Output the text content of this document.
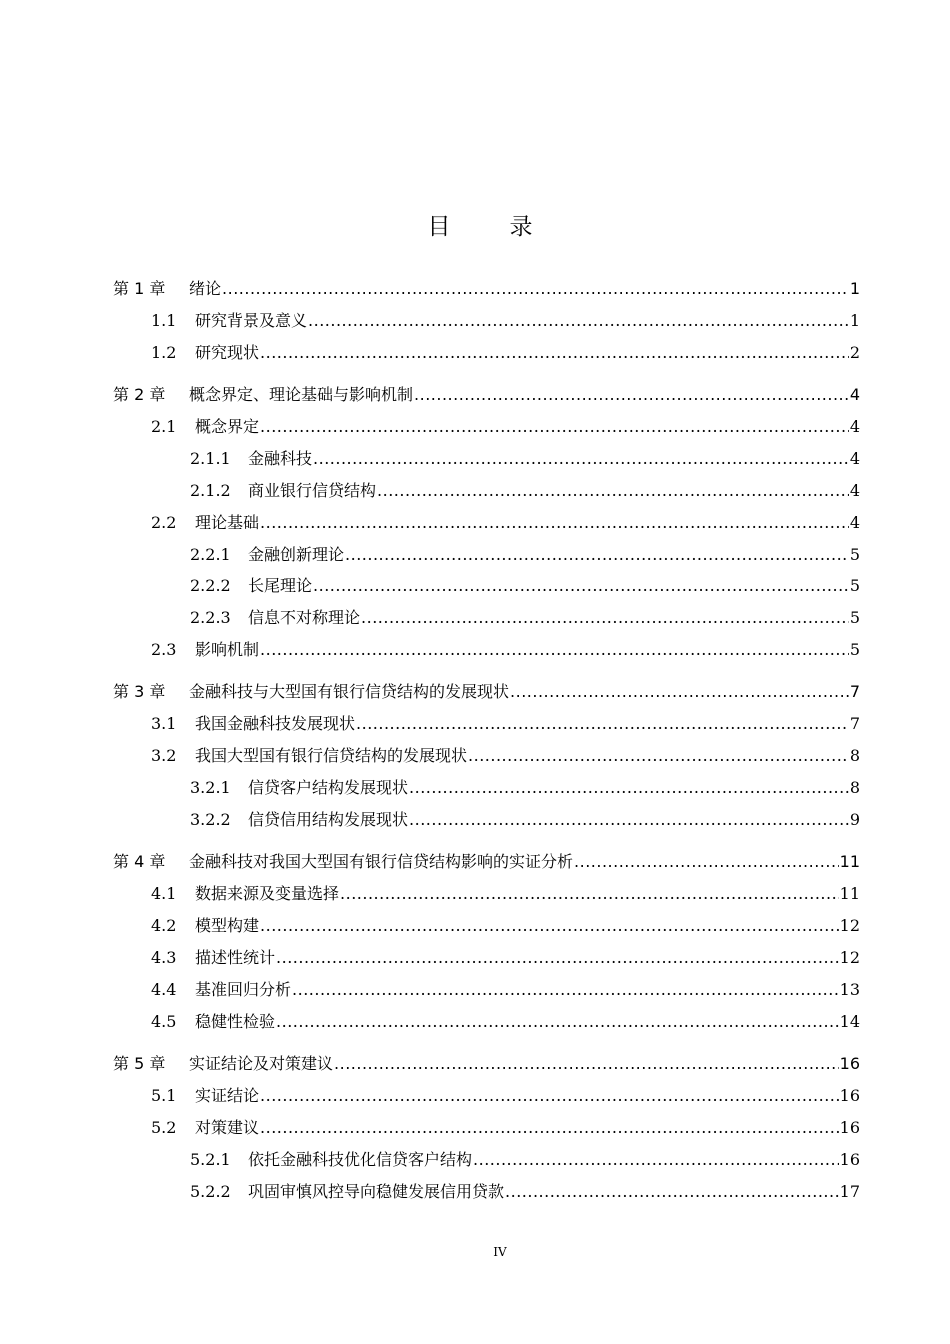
目　录
第 1 章	绪论 .....	1
1.1	研究背景及意义 .....	1
1.2	研究现状 .....	2
第 2 章	概念界定、理论基础与影响机制 .....	4
2.1	概念界定 .....	4
2.1.1	金融科技 .....	4
2.1.2	商业银行信贷结构 .....	4
2.2	理论基础 .....	4
2.2.1	金融创新理论 .....	5
2.2.2	长尾理论 .....	5
2.2.3	信息不对称理论 .....	5
2.3	影响机制 .....	5
第 3 章	金融科技与大型国有银行信贷结构的发展现状 .....	7
3.1	我国金融科技发展现状 .....	7
3.2	我国大型国有银行信贷结构的发展现状 .....	8
3.2.1	信贷客户结构发展现状 .....	8
3.2.2	信贷信用结构发展现状 .....	9
第 4 章	金融科技对我国大型国有银行信贷结构影响的实证分析 .....	11
4.1	数据来源及变量选择 .....	11
4.2	模型构建 .....	12
4.3	描述性统计 .....	12
4.4	基准回归分析 .....	13
4.5	稳健性检验 .....	14
第 5 章	实证结论及对策建议 .....	16
5.1	实证结论 .....	16
5.2	对策建议 .....	16
5.2.1	依托金融科技优化信贷客户结构 .....	16
5.2.2	巩固审慎风控导向稳健发展信用贷款 .....	17
IV
